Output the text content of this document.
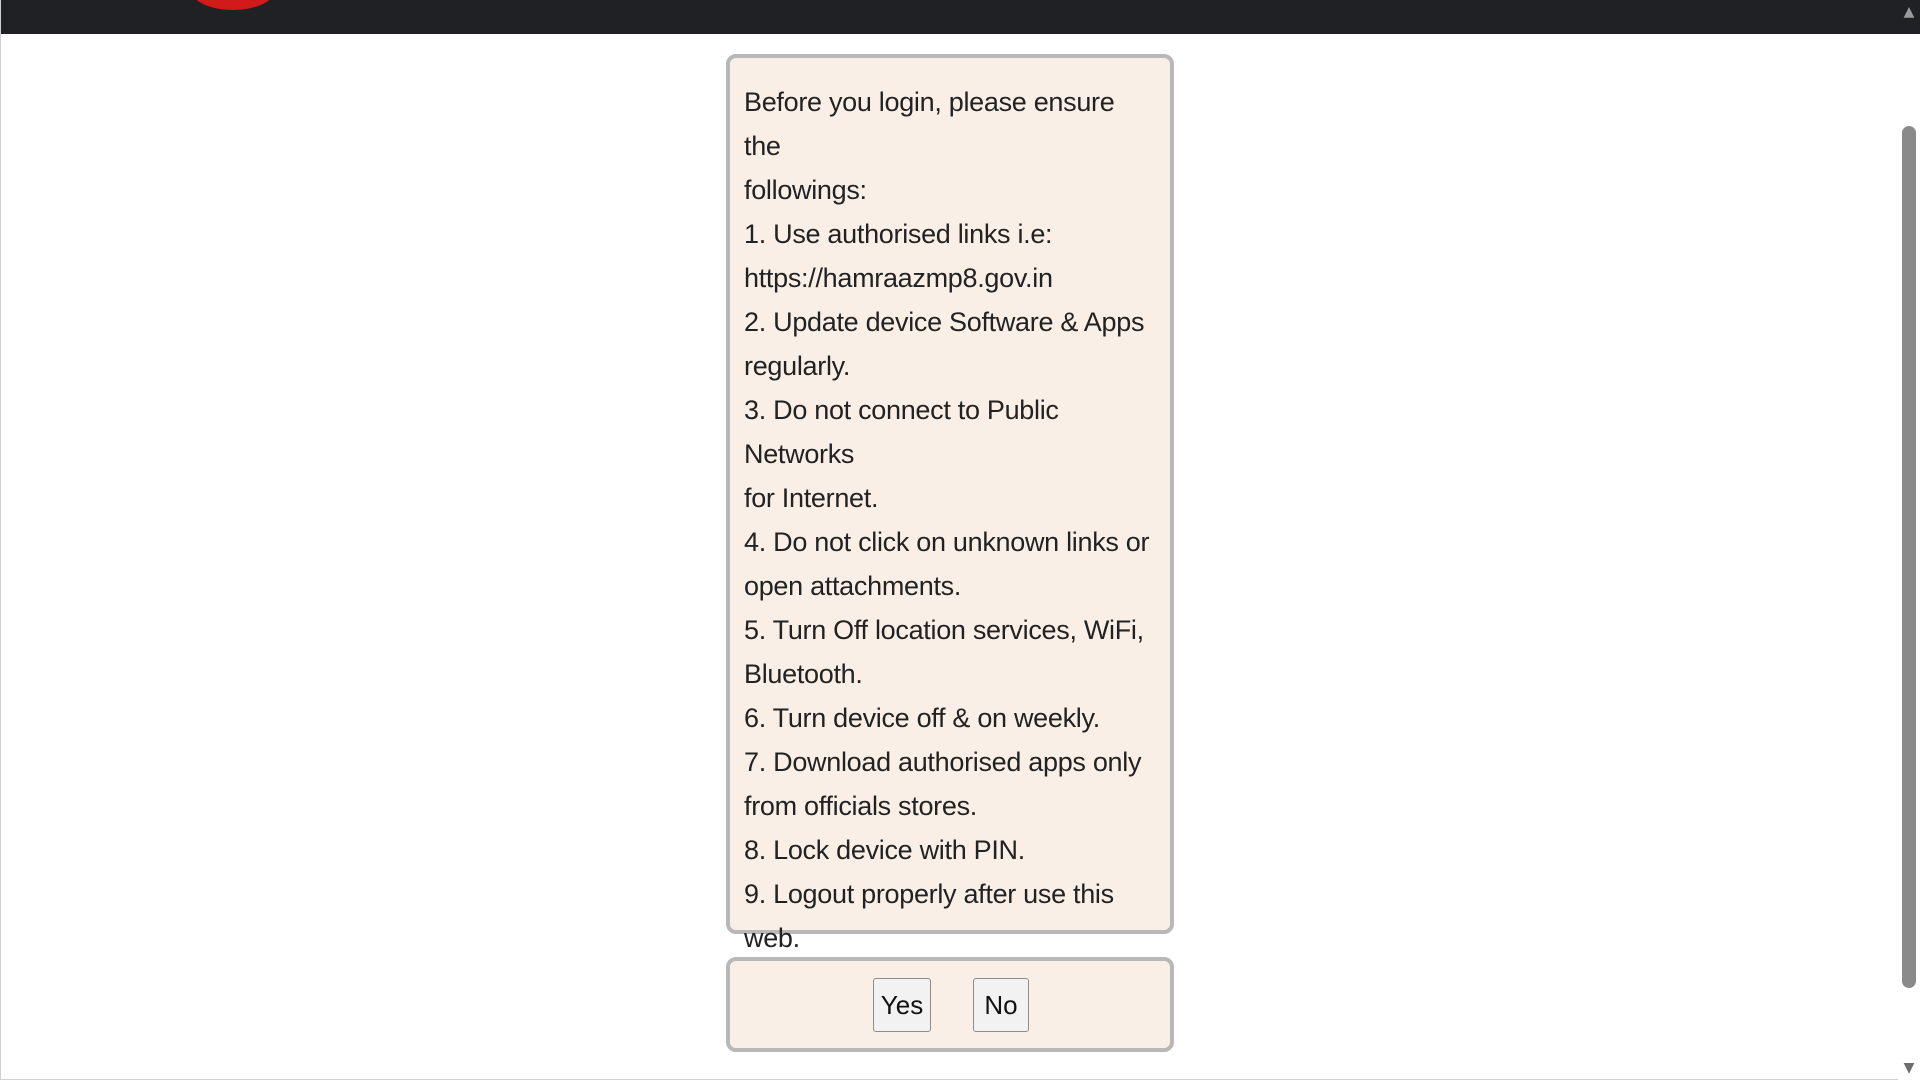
Before you login, please ensure the

followings:

1. Use authorised links i.e:

https://hamraazmp8.gov.in

2. Update device Software & Apps

regularly.

3. Do not connect to Public Networks

for Internet.

4. Do not click on unknown links or

open attachments.

5. Turn Off location services, WiFi,

Bluetooth.

6. Turn device off & on weekly.

7. Download authorised apps only

from officials stores.

8. Lock device with PIN.

9. Logout properly after use this web.

Yes	No
▲
▼
